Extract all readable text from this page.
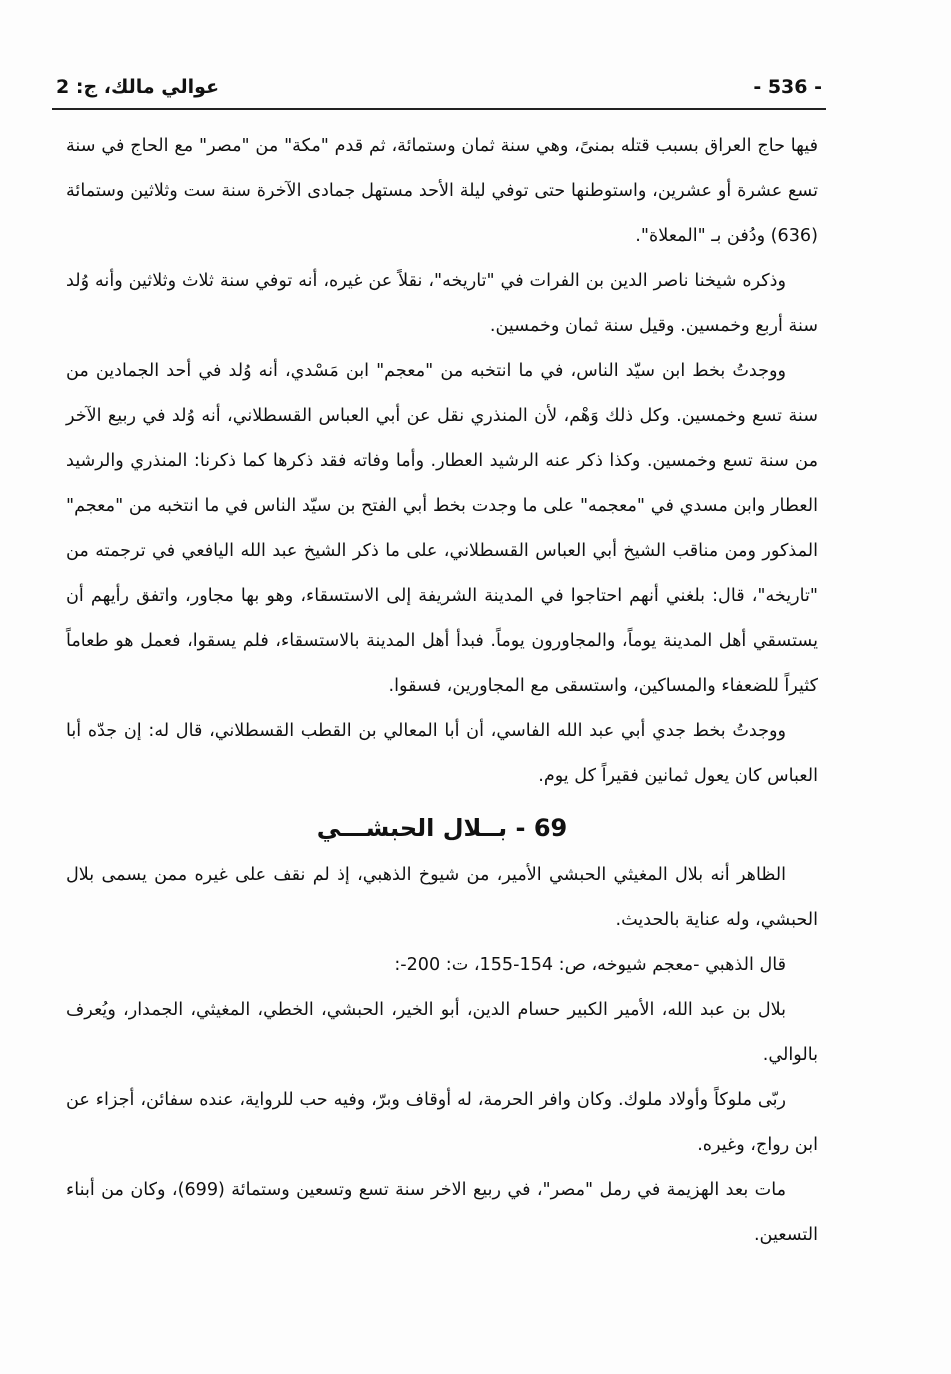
- 536 -
عوالي مالك، ج: 2

فيها حاج العراق بسبب قتله بمنىً، وهي سنة ثمان وستمائة، ثم قدم "مكة" من "مصر" مع الحاج في سنة تسع عشرة أو عشرين، واستوطنها حتى توفي ليلة الأحد مستهل جمادى الآخرة سنة ست وثلاثين وستمائة (636) ودُفن بـ "المعلاة".

وذكره شيخنا ناصر الدين بن الفرات في "تاريخه"، نقلاً عن غيره، أنه توفي سنة ثلاث وثلاثين وأنه وُلد سنة أربع وخمسين. وقيل سنة ثمان وخمسين.

ووجدتُ بخط ابن سيّد الناس، في ما انتخبه من "معجم" ابن مَسْدي، أنه وُلد في أحد الجمادين من سنة تسع وخمسين. وكل ذلك وَهْم، لأن المنذري نقل عن أبي العباس القسطلاني، أنه وُلد في ربيع الآخر من سنة تسع وخمسين. وكذا ذكر عنه الرشيد العطار. وأما وفاته فقد ذكرها كما ذكرنا: المنذري والرشيد العطار وابن مسدي في "معجمه" على ما وجدت بخط أبي الفتح بن سيّد الناس في ما انتخبه من "معجم" المذكور ومن مناقب الشيخ أبي العباس القسطلاني، على ما ذكر الشيخ عبد الله اليافعي في ترجمته من "تاريخه"، قال: بلغني أنهم احتاجوا في المدينة الشريفة إلى الاستسقاء، وهو بها مجاور، واتفق رأيهم أن يستسقي أهل المدينة يوماً، والمجاورون يوماً. فبدأ أهل المدينة بالاستسقاء، فلم يسقوا، فعمل هو طعاماً كثيراً للضعفاء والمساكين، واستسقى مع المجاورين، فسقوا.

ووجدتُ بخط جدي أبي عبد الله الفاسي، أن أبا المعالي بن القطب القسطلاني، قال له: إن جدّه أبا العباس كان يعول ثمانين فقيراً كل يوم.

69 - بــلال الحبشـــي

الظاهر أنه بلال المغيثي الحبشي الأمير، من شيوخ الذهبي، إذ لم نقف على غيره ممن يسمى بلال الحبشي، وله عناية بالحديث.

قال الذهبي -معجم شيوخه، ص: 154-155، ت: 200-:

بلال بن عبد الله، الأمير الكبير حسام الدين، أبو الخير، الحبشي، الخطي، المغيثي، الجمدار، ويُعرف بالوالي.

ربّى ملوكاً وأولاد ملوك. وكان وافر الحرمة، له أوقاف وبرّ، وفيه حب للرواية، عنده سفائن، أجزاء عن ابن رواج، وغيره.

مات بعد الهزيمة في رمل "مصر"، في ربيع الاخر سنة تسع وتسعين وستمائة (699)، وكان من أبناء التسعين.
